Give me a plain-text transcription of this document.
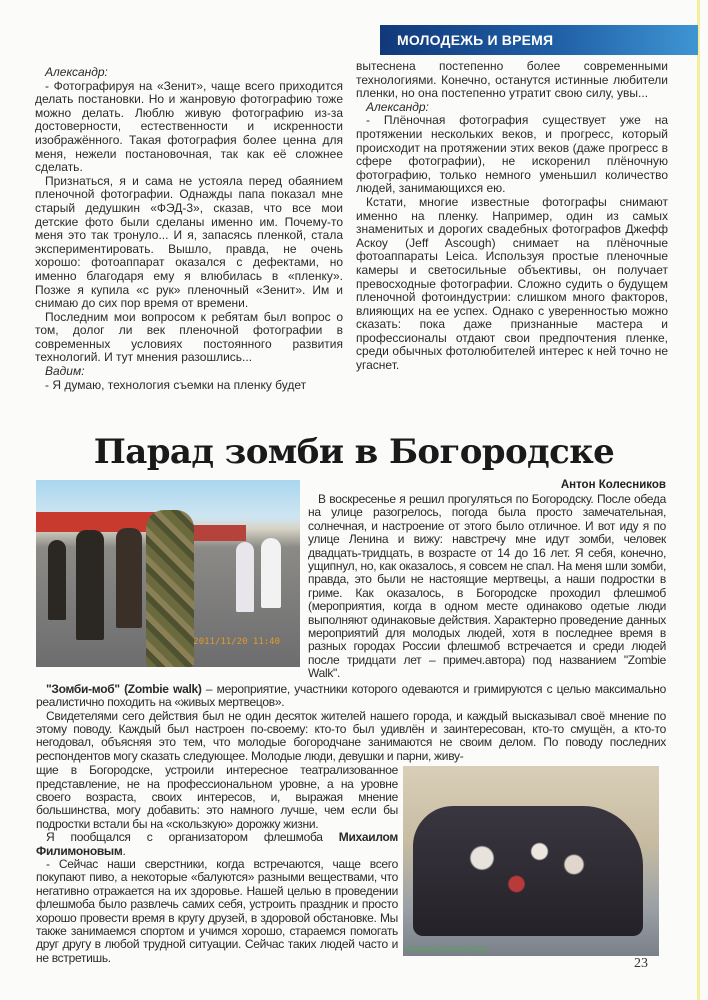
МОЛОДЕЖЬ И ВРЕМЯ

Александр:

- Фотографируя на «Зенит», чаще всего приходится делать постановки. Но и жанровую фотографию тоже можно делать. Люблю живую фотографию из-за достоверности, естественности и искренности изображённого. Такая фотография более ценна для меня, нежели постановочная, так как её сложнее сделать.

Признаться, я и сама не устояла перед обаянием пленочной фотографии. Однажды папа показал мне старый дедушкин «ФЭД-3», сказав, что все мои детские фото были сделаны именно им. Почему-то меня это так тронуло... И я, запасясь пленкой, стала экспериментировать. Вышло, правда, не очень хорошо: фотоаппарат оказался с дефектами, но именно благодаря ему я влюбилась в «пленку». Позже я купила «с рук» пленочный «Зенит». Им и снимаю до сих пор время от времени.

Последним мои вопросом к ребятам был вопрос о том, долог ли век пленочной фотографии в современных условиях постоянного развития технологий. И тут мнения разошлись...

Вадим:

- Я думаю, технология съемки на пленку будет

вытеснена постепенно более современными технологиями. Конечно, останутся истинные любители пленки, но она постепенно утратит свою силу, увы...

Александр:

- Плёночная фотография существует уже на протяжении нескольких веков, и прогресс, который происходит на протяжении этих веков (даже прогресс в сфере фотографии), не искоренил плёночную фотографию, только немного уменьшил количество людей, занимающихся ею.

Кстати, многие известные фотографы снимают именно на пленку. Например, один из самых знаменитых и дорогих свадебных фотографов Джефф Аскоу (Jeff Ascough) снимает на плёночные фотоаппараты Leica. Используя простые пленочные камеры и светосильные объективы, он получает превосходные фотографии. Сложно судить о будущем пленочной фотоиндустрии: слишком много факторов, влияющих на ее успех. Однако с уверенностью можно сказать: пока даже признанные мастера и профессионалы отдают свои предпочтения пленке, среди обычных фотолюбителей интерес к ней точно не угаснет.

Парад зомби в Богородске
2011/11/20 11:40
Антон Колесников

В воскресенье я решил прогуляться по Богородску. После обеда на улице разогрелось, погода была просто замечательная, солнечная, и настроение от этого было отличное. И вот иду я по улице Ленина и вижу: навстречу мне идут зомби, человек двадцать-тридцать, в возрасте от 14 до 16 лет. Я себя, конечно, ущипнул, но, как оказалось, я совсем не спал. На меня шли зомби, правда, это были не настоящие мертвецы, а наши подростки в гриме. Как оказалось, в Богородске проходил флешмоб (мероприятия, когда в одном месте одинаково одетые люди выполняют одинаковые действия. Характерно проведение данных мероприятий для молодых людей, хотя в последнее время в разных городах России флешмоб встречается и среди людей после тридцати лет – примеч.автора) под названием "Zombie Walk".

"Зомби-моб" (Zombie walk) – мероприятие, участники которого одеваются и гримируются с целью максимально реалистично походить на «живых мертвецов».

Свидетелями сего действия был не один десяток жителей нашего города, и каждый высказывал своё мнение по этому поводу. Каждый был настроен по-своему: кто-то был удивлён и заинтересован, кто-то смущён, а кто-то негодовал, объясняя это тем, что молодые богородчане занимаются не своим делом. По поводу последних респондентов могу сказать следующее. Молодые люди, девушки и парни, живу-

щие в Богородске, устроили интересное театрализованное представление, не на профессиональном уровне, а на уровне своего возраста, своих интересов, и, выражая мнение большинства, могу добавить: это намного лучше, чем если бы подростки встали бы на «скользкую» дорожку жизни.

Я пообщался с организатором флешмоба Михаилом Филимоновым.

- Сейчас наши сверстники, когда встречаются, чаще всего покупают пиво, а некоторые «балуются» разными веществами, что негативно отражается на их здоровье. Нашей целью в проведении флешмоба было развлечь самих себя, устроить праздник и просто хорошо провести время в кругу друзей, в здоровой обстановке. Мы также занимаемся спортом и учимся хорошо, стараемся помогать друг другу в любой трудной ситуации. Сейчас таких людей часто и не встретишь.

Фотограф: Светлана Рулёва
23
